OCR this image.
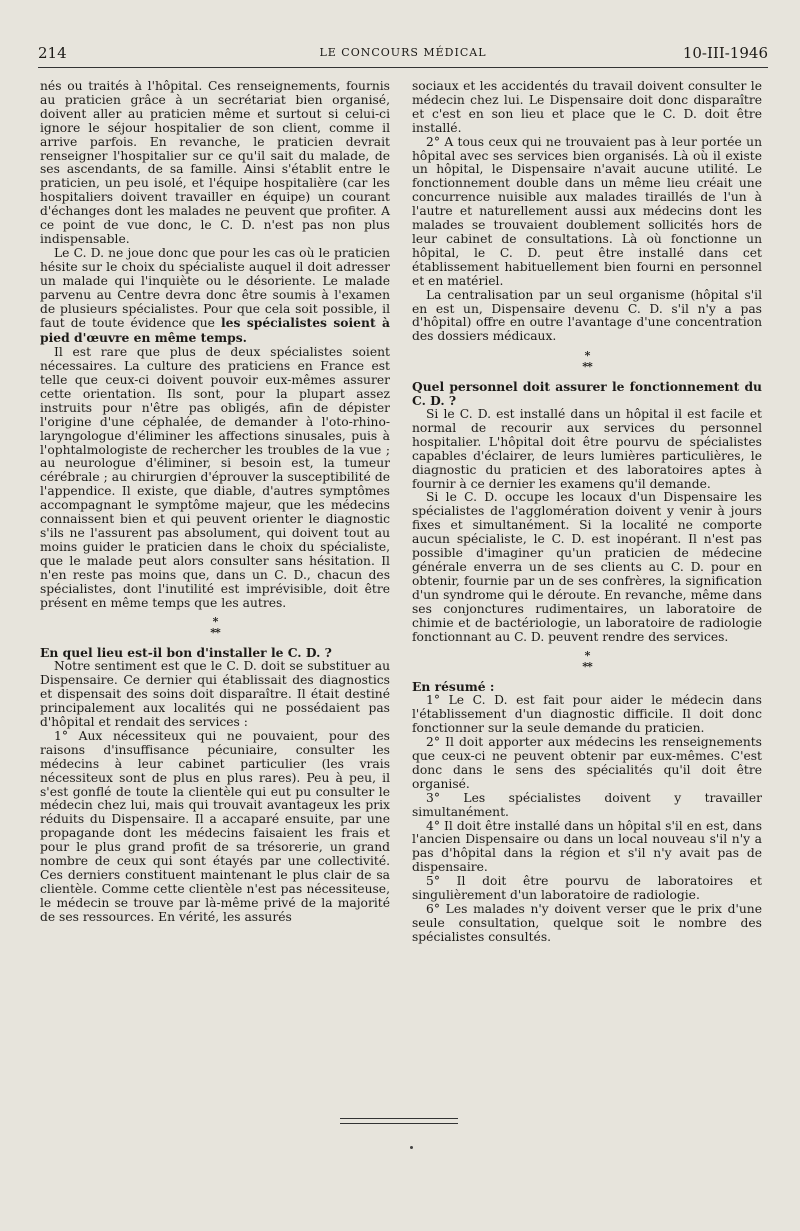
214	LE CONCOURS MÉDICAL	10-III-1946

nés ou traités à l'hôpital. Ces renseignements, fournis au praticien grâce à un secrétariat bien organisé, doivent aller au praticien même et surtout si celui-ci ignore le séjour hospitalier de son client, comme il arrive parfois. En revanche, le praticien devrait renseigner l'hospitalier sur ce qu'il sait du malade, de ses ascendants, de sa famille. Ainsi s'établit entre le praticien, un peu isolé, et l'équipe hospitalière (car les hospitaliers doivent travailler en équipe) un courant d'échanges dont les malades ne peuvent que profiter. A ce point de vue donc, le C. D. n'est pas non plus indispensable.

Le C. D. ne joue donc que pour les cas où le praticien hésite sur le choix du spécialiste auquel il doit adresser un malade qui l'inquiète ou le désoriente. Le malade parvenu au Centre devra donc être soumis à l'examen de plusieurs spécialistes. Pour que cela soit possible, il faut de toute évidence que les spécialistes soient à pied d'œuvre en même temps.

Il est rare que plus de deux spécialistes soient nécessaires. La culture des praticiens en France est telle que ceux-ci doivent pouvoir eux-mêmes assurer cette orientation. Ils sont, pour la plupart assez instruits pour n'être pas obligés, afin de dépister l'origine d'une céphalée, de demander à l'oto-rhino-laryngologue d'éliminer les affections sinusales, puis à l'ophtalmologiste de rechercher les troubles de la vue ; au neurologue d'éliminer, si besoin est, la tumeur cérébrale ; au chirurgien d'éprouver la susceptibilité de l'appendice. Il existe, que diable, d'autres symptômes accompagnant le symptôme majeur, que les médecins connaissent bien et qui peuvent orienter le diagnostic s'ils ne l'assurent pas absolument, qui doivent tout au moins guider le praticien dans le choix du spécialiste, que le malade peut alors consulter sans hésitation. Il n'en reste pas moins que, dans un C. D., chacun des spécialistes, dont l'inutilité est imprévisible, doit être présent en même temps que les autres.

*
**

En quel lieu est-il bon d'installer le C. D. ?

Notre sentiment est que le C. D. doit se substituer au Dispensaire. Ce dernier qui établissait des diagnostics et dispensait des soins doit disparaître. Il était destiné principalement aux localités qui ne possédaient pas d'hôpital et rendait des services :

1° Aux nécessiteux qui ne pouvaient, pour des raisons d'insuffisance pécuniaire, consulter les médecins à leur cabinet particulier (les vrais nécessiteux sont de plus en plus rares). Peu à peu, il s'est gonflé de toute la clientèle qui eut pu consulter le médecin chez lui, mais qui trouvait avantageux les prix réduits du Dispensaire. Il a accaparé ensuite, par une propagande dont les médecins faisaient les frais et pour le plus grand profit de sa trésorerie, un grand nombre de ceux qui sont étayés par une collectivité. Ces derniers constituent maintenant le plus clair de sa clientèle. Comme cette clientèle n'est pas nécessiteuse, le médecin se trouve par là-même privé de la majorité de ses ressources. En vérité, les assurés

sociaux et les accidentés du travail doivent consulter le médecin chez lui. Le Dispensaire doit donc disparaître et c'est en son lieu et place que le C. D. doit être installé.

2° A tous ceux qui ne trouvaient pas à leur portée un hôpital avec ses services bien organisés. Là où il existe un hôpital, le Dispensaire n'avait aucune utilité. Le fonctionnement double dans un même lieu créait une concurrence nuisible aux malades tiraillés de l'un à l'autre et naturellement aussi aux médecins dont les malades se trouvaient doublement sollicités hors de leur cabinet de consultations. Là où fonctionne un hôpital, le C. D. peut être installé dans cet établissement habituellement bien fourni en personnel et en matériel.

La centralisation par un seul organisme (hôpital s'il en est un, Dispensaire devenu C. D. s'il n'y a pas d'hôpital) offre en outre l'avantage d'une concentration des dossiers médicaux.

*
**

Quel personnel doit assurer le fonctionnement du C. D. ?

Si le C. D. est installé dans un hôpital il est facile et normal de recourir aux services du personnel hospitalier. L'hôpital doit être pourvu de spécialistes capables d'éclairer, de leurs lumières particulières, le diagnostic du praticien et des laboratoires aptes à fournir à ce dernier les examens qu'il demande.

Si le C. D. occupe les locaux d'un Dispensaire les spécialistes de l'agglomération doivent y venir à jours fixes et simultanément. Si la localité ne comporte aucun spécialiste, le C. D. est inopérant. Il n'est pas possible d'imaginer qu'un praticien de médecine générale enverra un de ses clients au C. D. pour en obtenir, fournie par un de ses confrères, la signification d'un syndrome qui le déroute. En revanche, même dans ses conjonctures rudimentaires, un laboratoire de chimie et de bactériologie, un laboratoire de radiologie fonctionnant au C. D. peuvent rendre des services.

*
**

En résumé :

1° Le C. D. est fait pour aider le médecin dans l'établissement d'un diagnostic difficile. Il doit donc fonctionner sur la seule demande du praticien.

2° Il doit apporter aux médecins les renseignements que ceux-ci ne peuvent obtenir par eux-mêmes. C'est donc dans le sens des spécialités qu'il doit être organisé.

3° Les spécialistes doivent y travailler simultanément.

4° Il doit être installé dans un hôpital s'il en est, dans l'ancien Dispensaire ou dans un local nouveau s'il n'y a pas d'hôpital dans la région et s'il n'y avait pas de dispensaire.

5° Il doit être pourvu de laboratoires et singulièrement d'un laboratoire de radiologie.

6° Les malades n'y doivent verser que le prix d'une seule consultation, quelque soit le nombre des spécialistes consultés.
